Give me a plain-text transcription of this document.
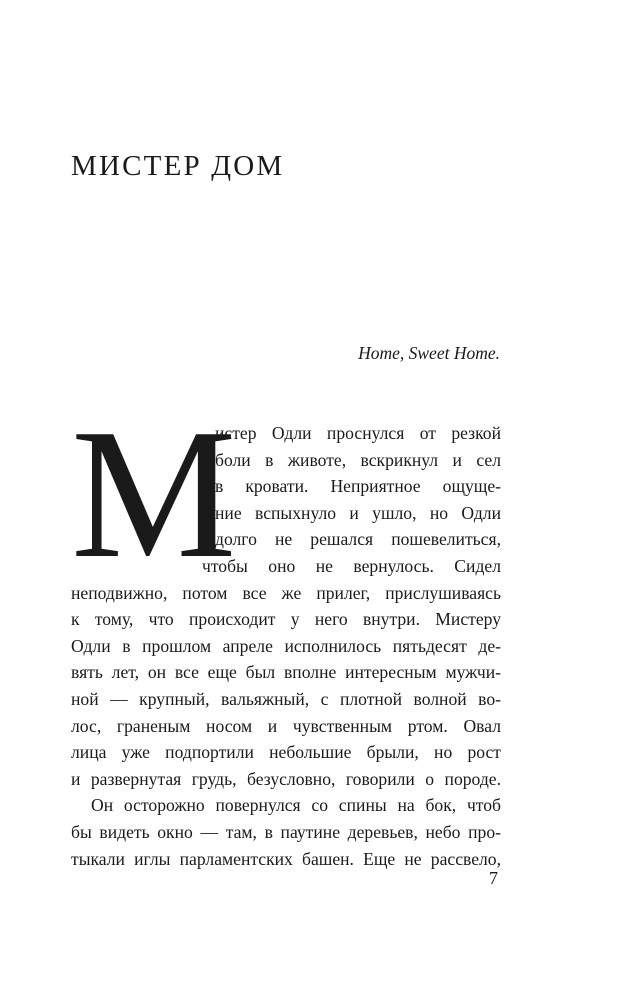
МИСТЕР ДОМ

Home, Sweet Home.

М
истер Одли проснулся от резкой
боли в животе, вскрикнул и сел
в кровати. Неприятное ощуще-
ние вспыхнуло и ушло, но Одли
долго не решался пошевелиться,
чтобы оно не вернулось. Сидел
неподвижно, потом все же прилег, прислушиваясь
к тому, что происходит у него внутри. Мистеру
Одли в прошлом апреле исполнилось пятьдесят де-
вять лет, он все еще был вполне интересным мужчи-
ной — крупный, вальяжный, с плотной волной во-
лос, граненым носом и чувственным ртом. Овал
лица уже подпортили небольшие брыли, но рост
и развернутая грудь, безусловно, говорили о породе.
Он осторожно повернулся со спины на бок, чтоб
бы видеть окно — там, в паутине деревьев, небо про-
тыкали иглы парламентских башен. Еще не рассвело,

7
